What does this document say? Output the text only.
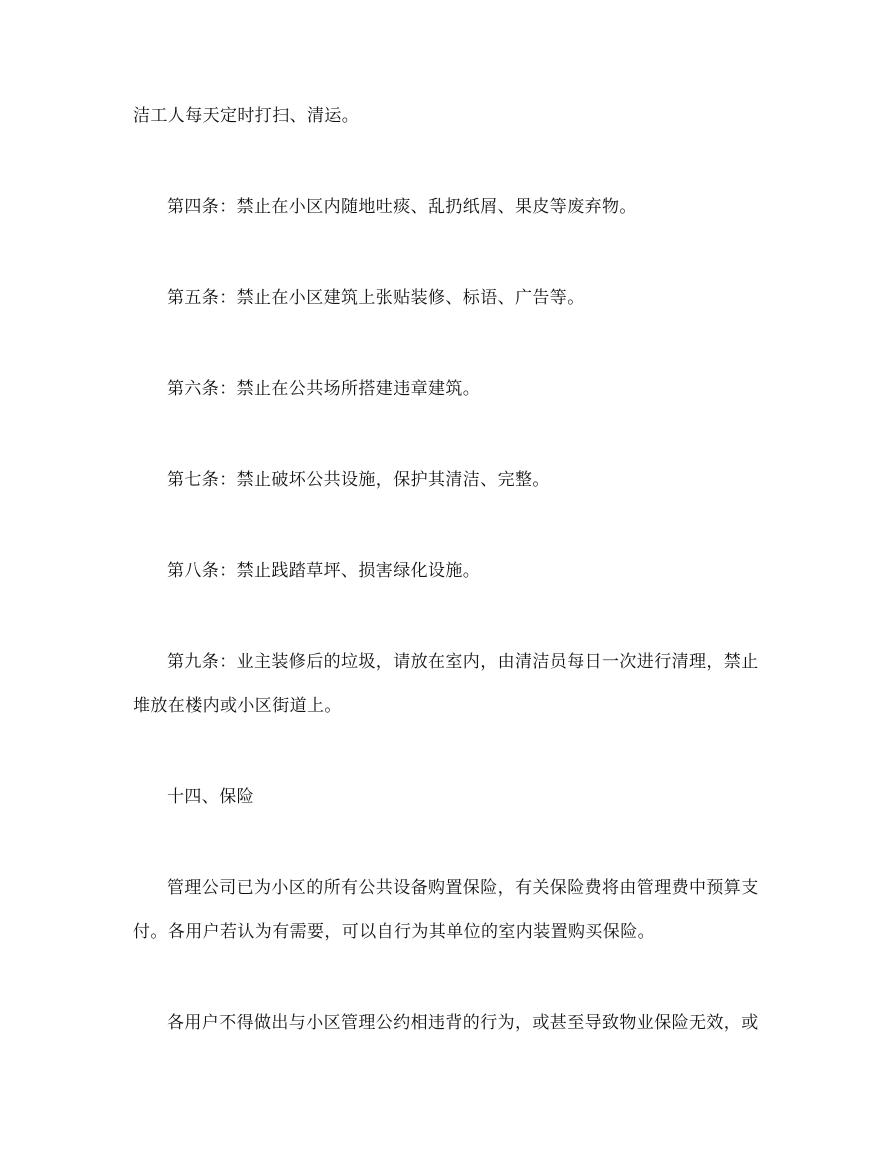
洁工人每天定时打扫、清运。
第四条：禁止在小区内随地吐痰、乱扔纸屑、果皮等废弃物。
第五条：禁止在小区建筑上张贴装修、标语、广告等。
第六条：禁止在公共场所搭建违章建筑。
第七条：禁止破坏公共设施，保护其清洁、完整。
第八条：禁止践踏草坪、损害绿化设施。
第九条：业主装修后的垃圾，请放在室内，由清洁员每日一次进行清理，禁止
堆放在楼内或小区街道上。
十四、保险
管理公司已为小区的所有公共设备购置保险，有关保险费将由管理费中预算支
付。各用户若认为有需要，可以自行为其单位的室内装置购买保险。
各用户不得做出与小区管理公约相违背的行为，或甚至导致物业保险无效，或
